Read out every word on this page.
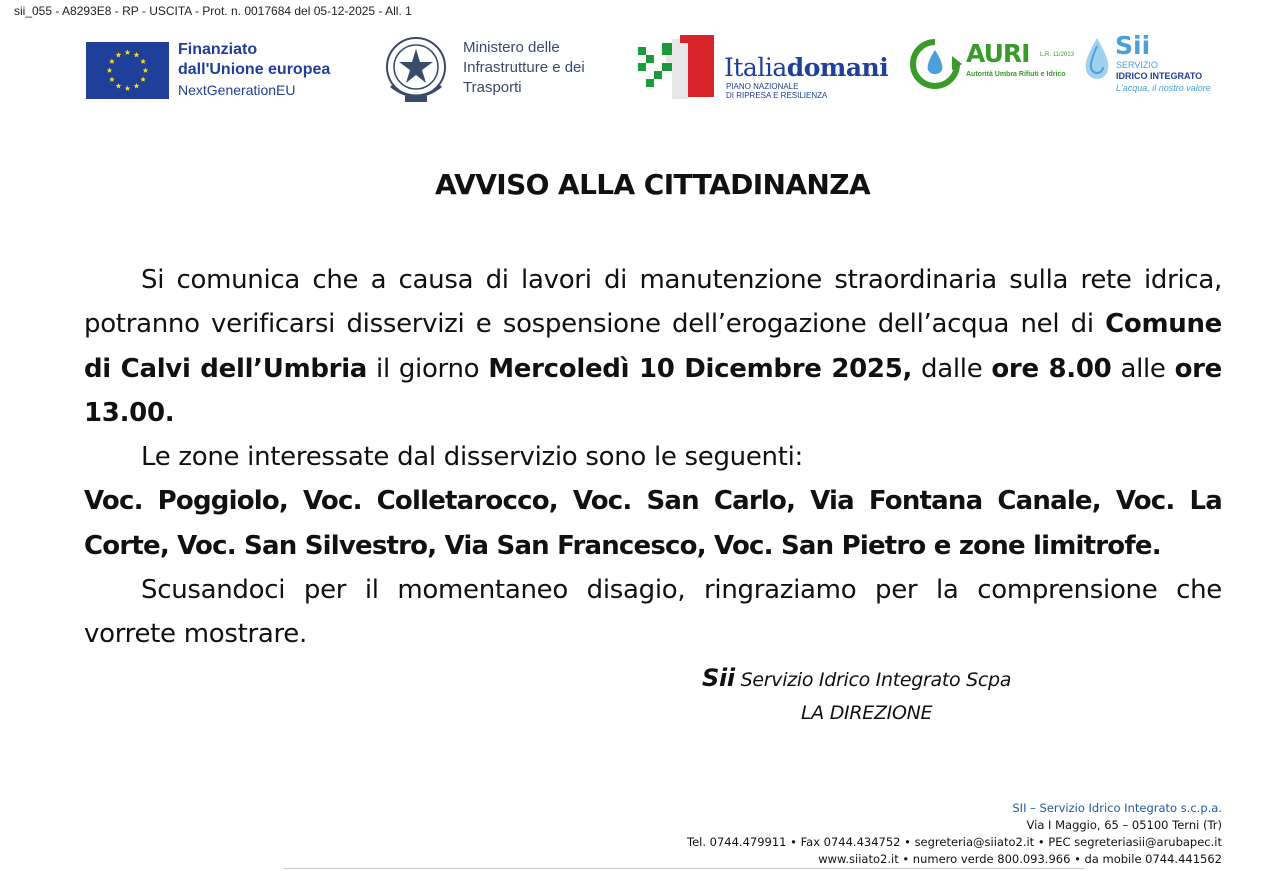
sii_055 - A8293E8 - RP - USCITA - Prot. n. 0017684 del 05-12-2025 - All. 1
Finanziato
dall'Unione europea
NextGenerationEU
Ministero delle
Infrastrutture e dei
Trasporti
Italiadomani
PIANO NAZIONALE
DI RIPRESA E RESILIENZA
AURI L.R. 11/2013
Autorità Umbra Rifiuti e Idrico
Sii
SERVIZIO
IDRICO INTEGRATO
L'acqua, il nostro valore
AVVISO ALLA CITTADINANZA

Si comunica che a causa di lavori di manutenzione straordinaria sulla rete idrica, potranno verificarsi disservizi e sospensione dell’erogazione dell’acqua nel di Comune di Calvi dell’Umbria il giorno Mercoledì 10 Dicembre 2025, dalle ore 8.00 alle ore 13.00.

Le zone interessate dal disservizio sono le seguenti:

Voc. Poggiolo, Voc. Colletarocco, Voc. San Carlo, Via Fontana Canale, Voc. La Corte, Voc. San Silvestro, Via San Francesco, Voc. San Pietro e zone limitrofe.

Scusandoci per il momentaneo disagio, ringraziamo per la comprensione che vorrete mostrare.

Sii Servizio Idrico Integrato Scpa
LA DIREZIONE
SII – Servizio Idrico Integrato s.c.p.a.
Via I Maggio, 65 – 05100 Terni (Tr)
Tel. 0744.479911 • Fax 0744.434752 • segreteria@siiato2.it • PEC segreteriasii@arubapec.it
www.siiato2.it • numero verde 800.093.966 • da mobile 0744.441562
